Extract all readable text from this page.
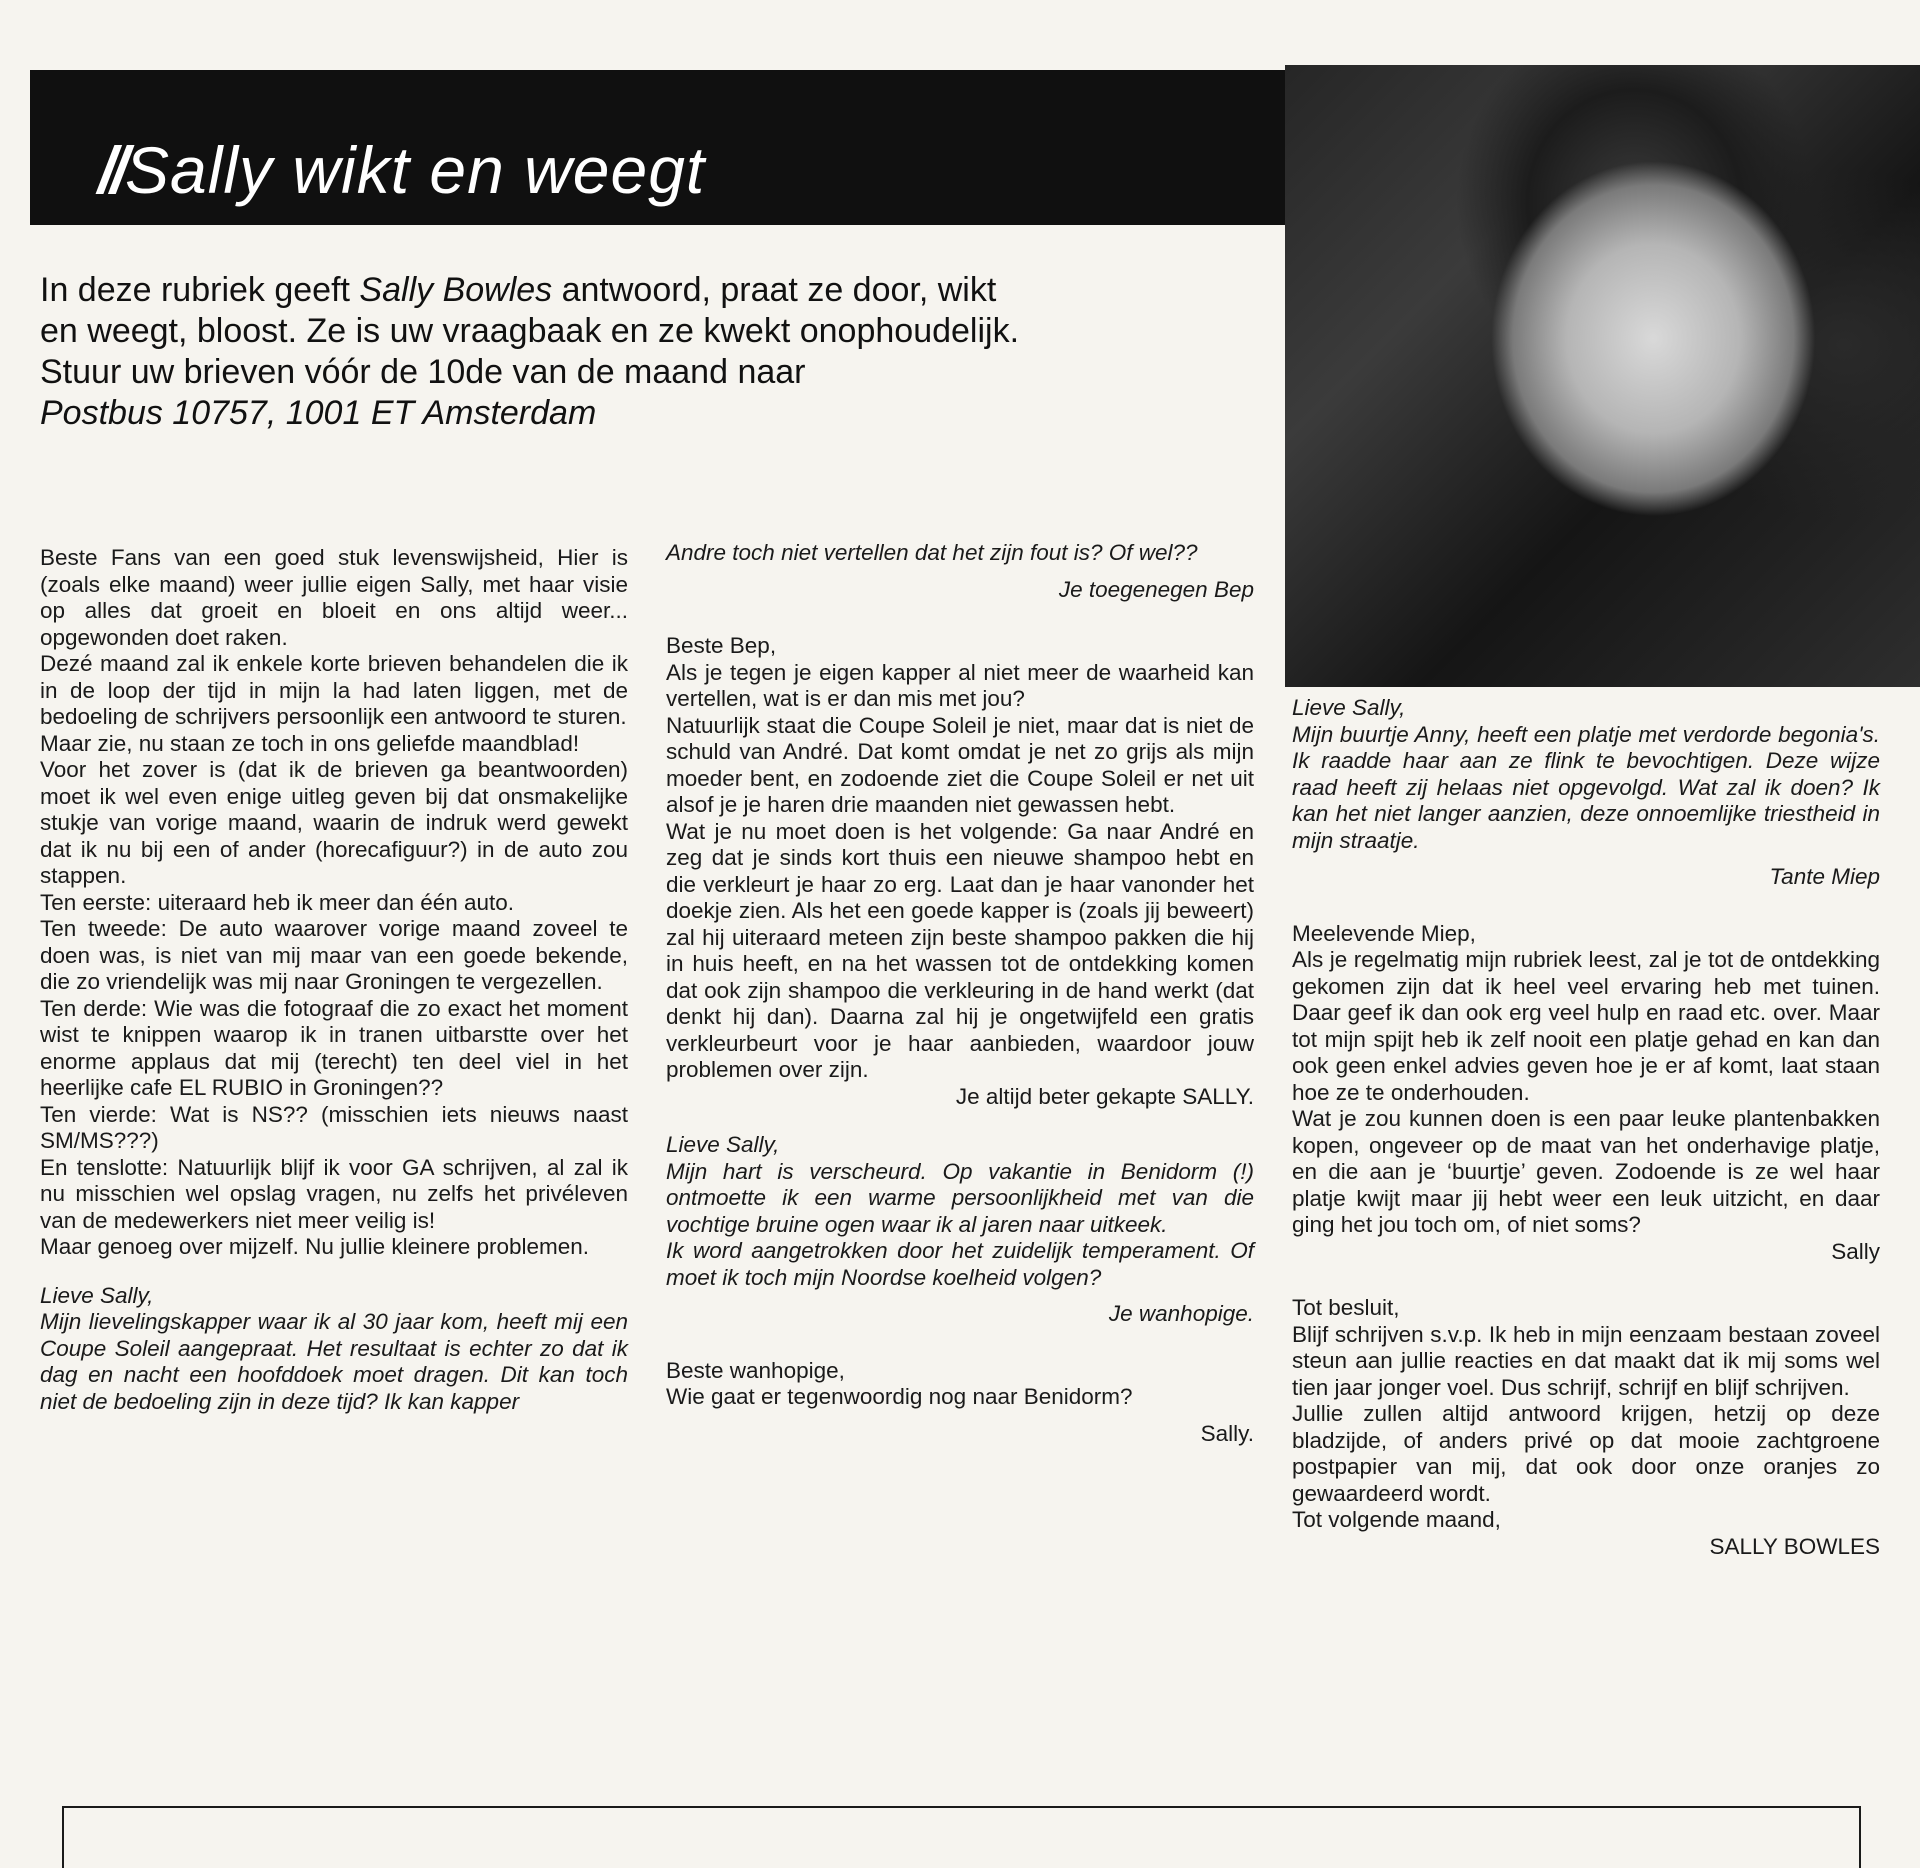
// Sally wikt en weegt
In deze rubriek geeft Sally Bowles antwoord, praat ze door, wikt
en weegt, bloost. Ze is uw vraagbaak en ze kwekt onophoudelijk.
Stuur uw brieven vóór de 10de van de maand naar
Postbus 10757, 1001 ET Amsterdam

Beste Fans van een goed stuk levenswijsheid, Hier is (zoals elke maand) weer jullie eigen Sally, met haar visie op alles dat groeit en bloeit en ons altijd weer... opgewonden doet raken.

Dezé maand zal ik enkele korte brieven behandelen die ik in de loop der tijd in mijn la had laten liggen, met de bedoeling de schrijvers persoonlijk een antwoord te sturen.

Maar zie, nu staan ze toch in ons geliefde maandblad!

Voor het zover is (dat ik de brieven ga beantwoorden) moet ik wel even enige uitleg geven bij dat onsmakelijke stukje van vorige maand, waarin de indruk werd gewekt dat ik nu bij een of ander (horecafiguur?) in de auto zou stappen.

Ten eerste: uiteraard heb ik meer dan één auto.

Ten tweede: De auto waarover vorige maand zoveel te doen was, is niet van mij maar van een goede bekende, die zo vriendelijk was mij naar Groningen te vergezellen.

Ten derde: Wie was die fotograaf die zo exact het moment wist te knippen waarop ik in tranen uitbarstte over het enorme applaus dat mij (terecht) ten deel viel in het heerlijke cafe EL RUBIO in Groningen??

Ten vierde: Wat is NS?? (misschien iets nieuws naast SM/MS???)

En tenslotte: Natuurlijk blijf ik voor GA schrijven, al zal ik nu misschien wel opslag vragen, nu zelfs het privéleven van de medewerkers niet meer veilig is!

Maar genoeg over mijzelf. Nu jullie kleinere problemen.

Lieve Sally,

Mijn lievelingskapper waar ik al 30 jaar kom, heeft mij een Coupe Soleil aangepraat. Het resultaat is echter zo dat ik dag en nacht een hoofddoek moet dragen. Dit kan toch niet de bedoeling zijn in deze tijd? Ik kan kapper

Andre toch niet vertellen dat het zijn fout is? Of wel??

Je toegenegen Bep

Beste Bep,

Als je tegen je eigen kapper al niet meer de waarheid kan vertellen, wat is er dan mis met jou?

Natuurlijk staat die Coupe Soleil je niet, maar dat is niet de schuld van André. Dat komt omdat je net zo grijs als mijn moeder bent, en zodoende ziet die Coupe Soleil er net uit alsof je je haren drie maanden niet gewassen hebt.

Wat je nu moet doen is het volgende: Ga naar André en zeg dat je sinds kort thuis een nieuwe shampoo hebt en die verkleurt je haar zo erg. Laat dan je haar vanonder het doekje zien. Als het een goede kapper is (zoals jij beweert) zal hij uiteraard meteen zijn beste shampoo pakken die hij in huis heeft, en na het wassen tot de ontdekking komen dat ook zijn shampoo die verkleuring in de hand werkt (dat denkt hij dan). Daarna zal hij je ongetwijfeld een gratis verkleurbeurt voor je haar aanbieden, waardoor jouw problemen over zijn.

Je altijd beter gekapte SALLY.

Lieve Sally,

Mijn hart is verscheurd. Op vakantie in Benidorm (!) ontmoette ik een warme persoonlijkheid met van die vochtige bruine ogen waar ik al jaren naar uitkeek.

Ik word aangetrokken door het zuidelijk temperament. Of moet ik toch mijn Noordse koelheid volgen?

Je wanhopige.

Beste wanhopige,

Wie gaat er tegenwoordig nog naar Benidorm?

Sally.

Lieve Sally,

Mijn buurtje Anny, heeft een platje met verdorde begonia's. Ik raadde haar aan ze flink te bevochtigen. Deze wijze raad heeft zij helaas niet opgevolgd. Wat zal ik doen? Ik kan het niet langer aanzien, deze onnoemlijke triestheid in mijn straatje.

Tante Miep

Meelevende Miep,

Als je regelmatig mijn rubriek leest, zal je tot de ontdekking gekomen zijn dat ik heel veel ervaring heb met tuinen. Daar geef ik dan ook erg veel hulp en raad etc. over. Maar tot mijn spijt heb ik zelf nooit een platje gehad en kan dan ook geen enkel advies geven hoe je er af komt, laat staan hoe ze te onderhouden.

Wat je zou kunnen doen is een paar leuke plantenbakken kopen, ongeveer op de maat van het onderhavige platje, en die aan je ‘buurtje’ geven. Zodoende is ze wel haar platje kwijt maar jij hebt weer een leuk uitzicht, en daar ging het jou toch om, of niet soms?

Sally

Tot besluit,

Blijf schrijven s.v.p. Ik heb in mijn eenzaam bestaan zoveel steun aan jullie reacties en dat maakt dat ik mij soms wel tien jaar jonger voel. Dus schrijf, schrijf en blijf schrijven.

Jullie zullen altijd antwoord krijgen, hetzij op deze bladzijde, of anders privé op dat mooie zachtgroene postpapier van mij, dat ook door onze oranjes zo gewaardeerd wordt.

Tot volgende maand,

SALLY BOWLES
